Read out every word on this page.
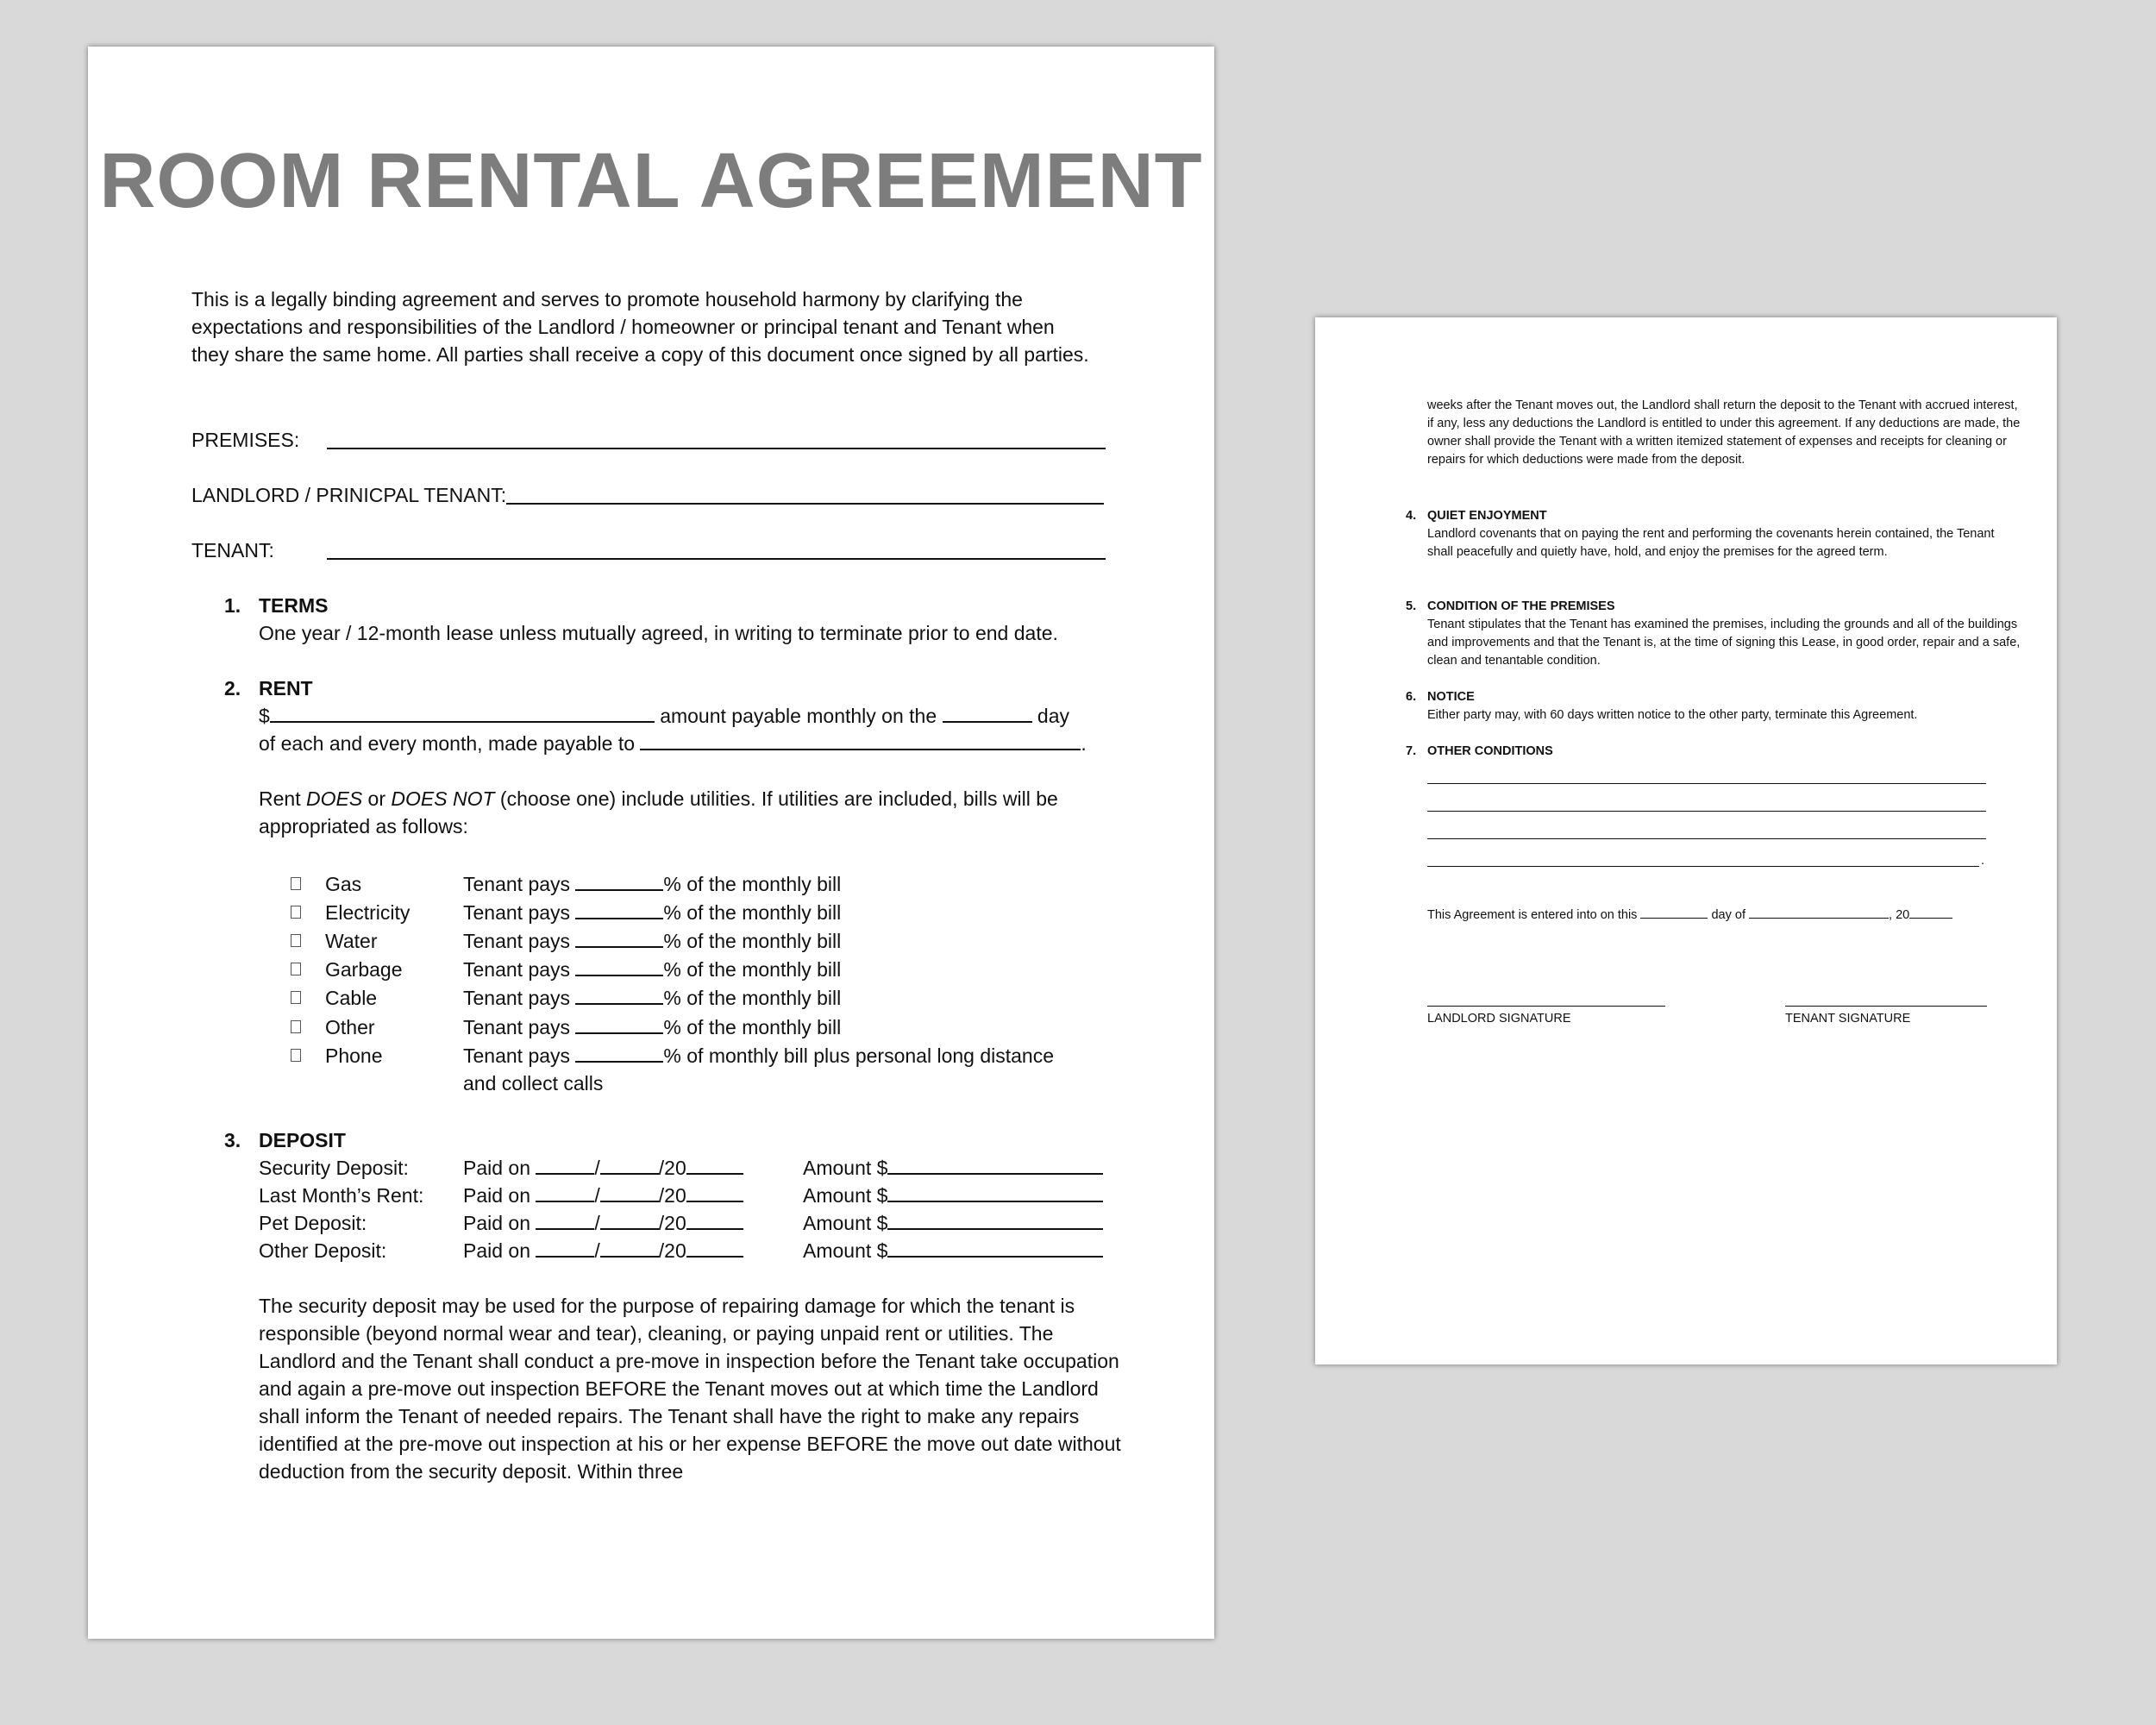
ROOM RENTAL AGREEMENT

This is a legally binding agreement and serves to promote household harmony by clarifying the expectations and responsibilities of the Landlord / homeowner or principal tenant and Tenant when they share the same home. All parties shall receive a copy of this document once signed by all parties.

PREMISES:
LANDLORD / PRINICPAL TENANT:
TENANT:
1. TERMS
One year / 12-month lease unless mutually agreed, in writing to terminate prior to end date.
2. RENT
$	amount payable monthly on the	day
of each and every month, made payable to	.

Rent DOES or DOES NOT (choose one) include utilities. If utilities are included, bills will be appropriated as follows:

Gas	Tenant pays	% of the monthly bill
Electricity	Tenant pays	% of the monthly bill
Water	Tenant pays	% of the monthly bill
Garbage	Tenant pays	% of the monthly bill
Cable	Tenant pays	% of the monthly bill
Other	Tenant pays	% of the monthly bill
Phone	Tenant pays	% of monthly bill plus personal long distance
and collect calls
3. DEPOSIT
Security Deposit:	Paid on	/	/20	Amount $
Last Month’s Rent: Paid on	/	/20	Amount $
Pet Deposit:	Paid on	/	/20	Amount $
Other Deposit:	Paid on	/	/20	Amount $

The security deposit may be used for the purpose of repairing damage for which the tenant is responsible (beyond normal wear and tear), cleaning, or paying unpaid rent or utilities. The Landlord and the Tenant shall conduct a pre-move in inspection before the Tenant take occupation and again a pre-move out inspection BEFORE the Tenant moves out at which time the Landlord shall inform the Tenant of needed repairs. The Tenant shall have the right to make any repairs identified at the pre-move out inspection at his or her expense BEFORE the move out date without deduction from the security deposit. Within three

weeks after the Tenant moves out, the Landlord shall return the deposit to the Tenant with accrued interest, if any, less any deductions the Landlord is entitled to under this agreement. If any deductions are made, the owner shall provide the Tenant with a written itemized statement of expenses and receipts for cleaning or repairs for which deductions were made from the deposit.

4. QUIET ENJOYMENT

Landlord covenants that on paying the rent and performing the covenants herein contained, the Tenant shall peacefully and quietly have, hold, and enjoy the premises for the agreed term.

5. CONDITION OF THE PREMISES

Tenant stipulates that the Tenant has examined the premises, including the grounds and all of the buildings and improvements and that the Tenant is, at the time of signing this Lease, in good order, repair and a safe, clean and tenantable condition.

6. NOTICE

Either party may, with 60 days written notice to the other party, terminate this Agreement.

7. OTHER CONDITIONS
.
This Agreement is entered into on this	day of	, 20
LANDLORD SIGNATURE	TENANT SIGNATURE
